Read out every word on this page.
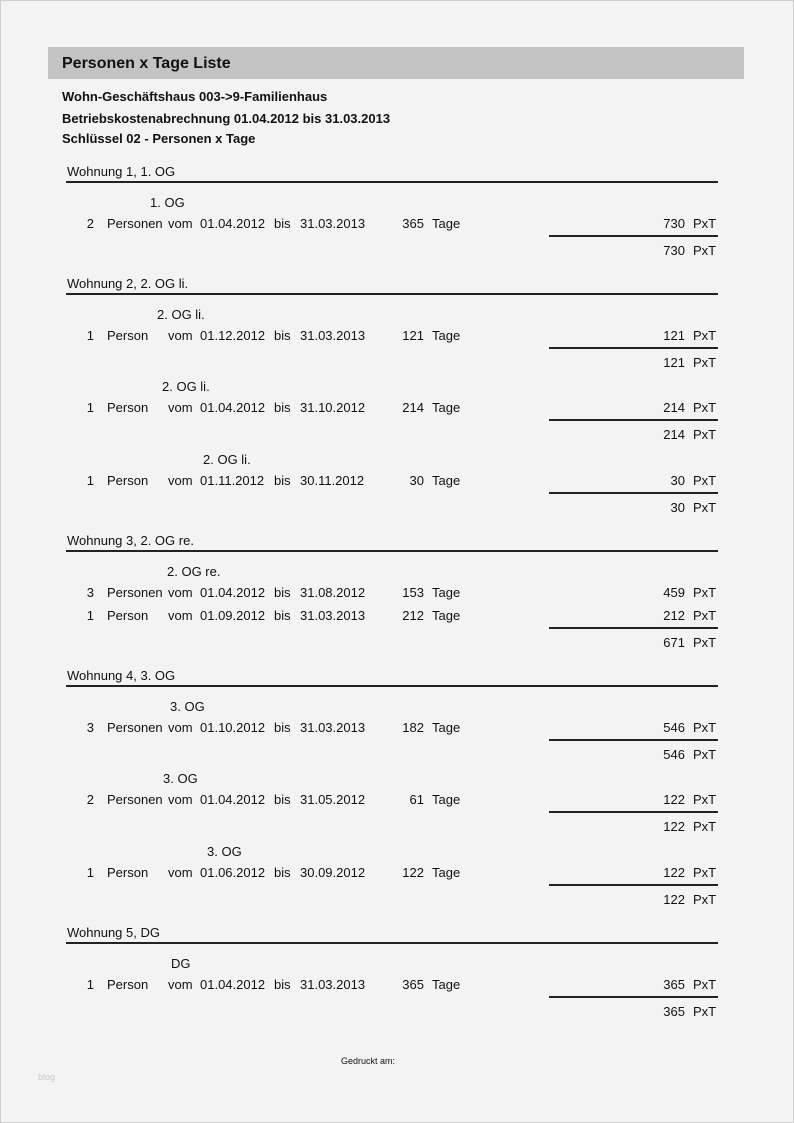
Personen x Tage Liste
Wohn-Geschäftshaus 003->9-Familienhaus
Betriebskostenabrechnung 01.04.2012 bis 31.03.2013
Schlüssel 02 - Personen x Tage
Wohnung 1, 1. OG
1. OG
2 Personen vom 01.04.2012 bis 31.03.2013	365 Tage	730 PxT
730 PxT
Wohnung 2, 2. OG li.
2. OG li.
1 Person vom 01.12.2012 bis 31.03.2013	121 Tage	121 PxT
121 PxT
2. OG li.
1 Person vom 01.04.2012 bis 31.10.2012	214 Tage	214 PxT
214 PxT
2. OG li.
1 Person vom 01.11.2012 bis 30.11.2012	30 Tage	30 PxT
30 PxT
Wohnung 3, 2. OG re.
2. OG re.
3 Personen vom 01.04.2012 bis 31.08.2012	153 Tage	459 PxT
1 Person vom 01.09.2012 bis 31.03.2013	212 Tage	212 PxT
671 PxT
Wohnung 4, 3. OG
3. OG
3 Personen vom 01.10.2012 bis 31.03.2013	182 Tage	546 PxT
546 PxT
3. OG
2 Personen vom 01.04.2012 bis 31.05.2012	61 Tage	122 PxT
122 PxT
3. OG
1 Person vom 01.06.2012 bis 30.09.2012	122 Tage	122 PxT
122 PxT
Wohnung 5, DG
DG
1 Person vom 01.04.2012 bis 31.03.2013	365 Tage	365 PxT
365 PxT
Gedruckt am:
blog
